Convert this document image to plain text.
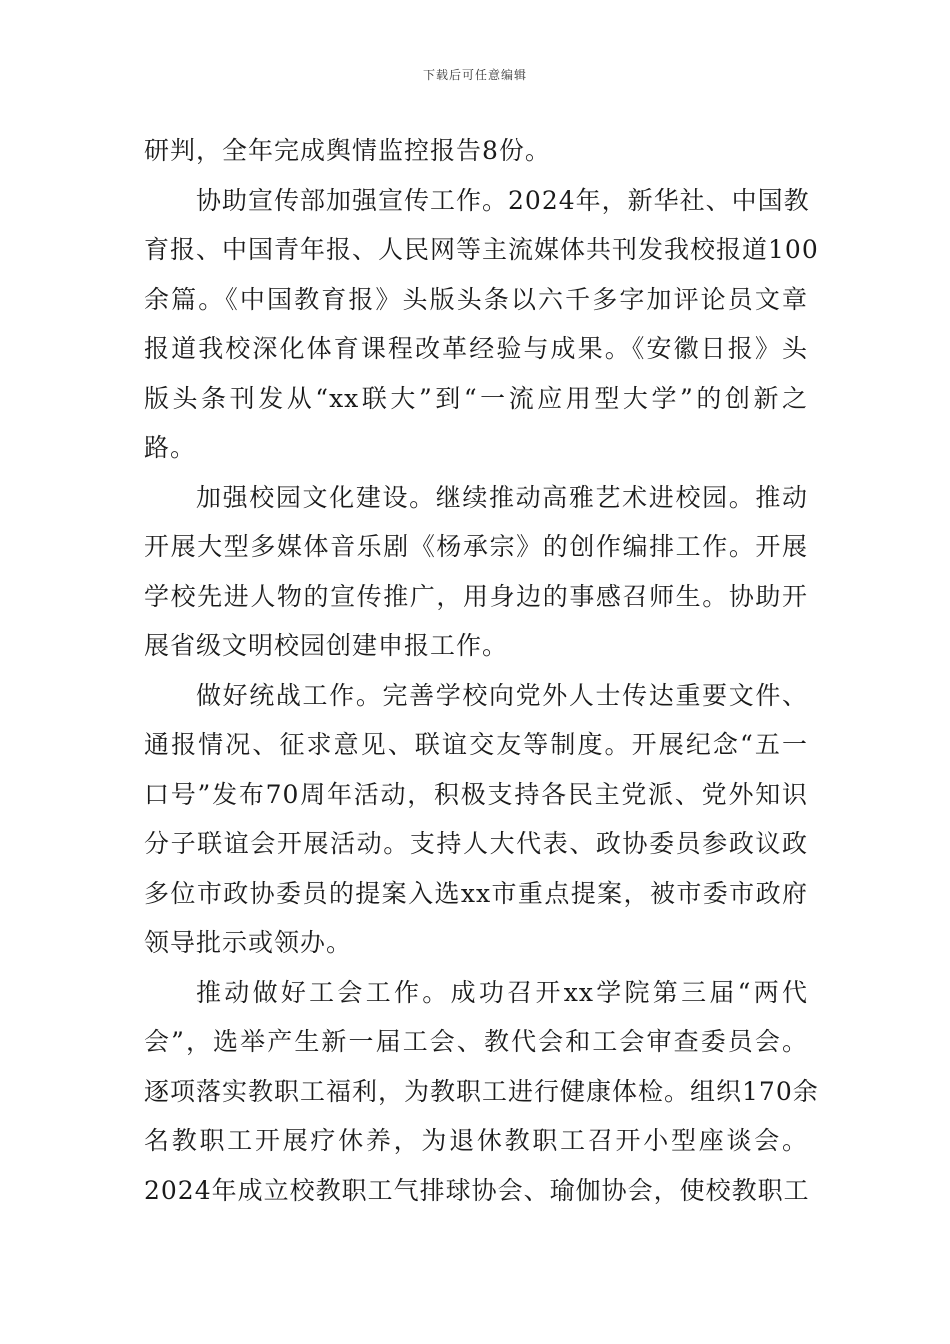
下载后可任意编辑
研判，全年完成舆情监控报告8份。
协助宣传部加强宣传工作。2024年，新华社、中国教
育报、中国青年报、人民网等主流媒体共刊发我校报道100
余篇。《中国教育报》头版头条以六千多字加评论员文章
报道我校深化体育课程改革经验与成果。《安徽日报》头
版头条刊发从“xx联大”到“一流应用型大学”的创新之
路。
加强校园文化建设。继续推动高雅艺术进校园。推动
开展大型多媒体音乐剧《杨承宗》的创作编排工作。开展
学校先进人物的宣传推广，用身边的事感召师生。协助开
展省级文明校园创建申报工作。
做好统战工作。完善学校向党外人士传达重要文件、
通报情况、征求意见、联谊交友等制度。开展纪念“五一
口号”发布70周年活动，积极支持各民主党派、党外知识
分子联谊会开展活动。支持人大代表、政协委员参政议政
多位市政协委员的提案入选xx市重点提案，被市委市政府
领导批示或领办。
推动做好工会工作。成功召开xx学院第三届“两代
会”，选举产生新一届工会、教代会和工会审查委员会。
逐项落实教职工福利，为教职工进行健康体检。组织170余
名教职工开展疗休养，为退休教职工召开小型座谈会。
2024年成立校教职工气排球协会、瑜伽协会，使校教职工
